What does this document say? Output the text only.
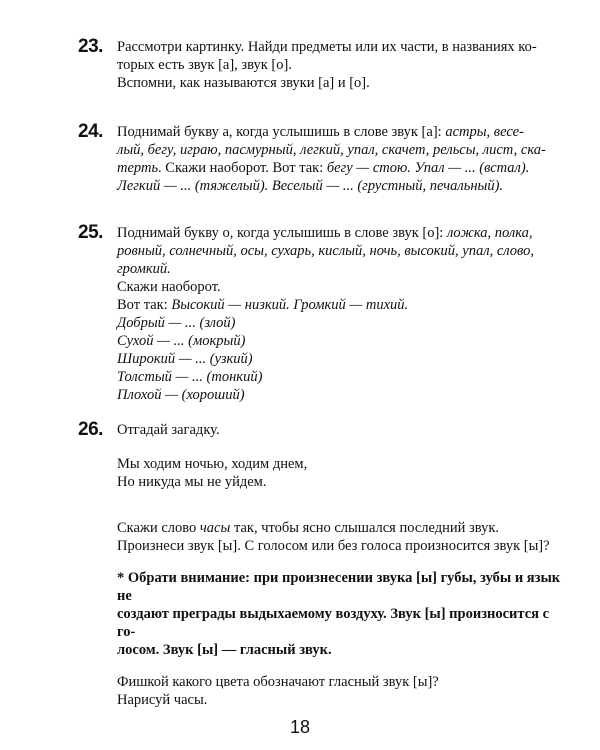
23. Рассмотри картинку. Найди предметы или их части, в названиях ко-

торых есть звук [а], звук [о].

Вспомни, как называются звуки [а] и [о].

24. Поднимай букву а, когда услышишь в слове звук [а]: астры, весе-

лый, бегу, играю, пасмурный, легкий, упал, скачет, рельсы, лист, ска-

терть. Скажи наоборот. Вот так: бегу — стою. Упал — ... (встал).

Легкий — ... (тяжелый). Веселый — ... (грустный, печальный).

25. Поднимай букву о, когда услышишь в слове звук [о]: ложка, полка,

ровный, солнечный, осы, сухарь, кислый, ночь, высокий, упал, слово,

громкий.

Скажи наоборот.

Вот так: Высокий — низкий. Громкий — тихий.

Добрый — ... (злой)

Сухой — ... (мокрый)

Широкий — ... (узкий)

Толстый — ... (тонкий)

Плохой — (хороший)

26. Отгадай загадку.

Мы ходим ночью, ходим днем,

Но никуда мы не уйдем.

Скажи слово часы так, чтобы ясно слышался последний звук.

Произнеси звук [ы]. С голосом или без голоса произносится звук [ы]?

* Обрати внимание: при произнесении звука [ы] губы, зубы и язык не

создают преграды выдыхаемому воздуху. Звук [ы] произносится с го-

лосом. Звук [ы] — гласный звук.

Фишкой какого цвета обозначают гласный звук [ы]?

Нарисуй часы.

18
